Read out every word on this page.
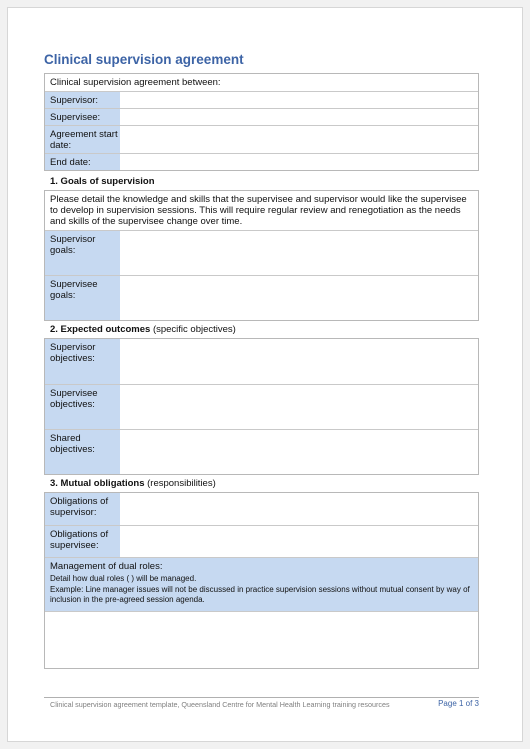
Clinical supervision agreement
Clinical supervision agreement between:
Supervisor:
Supervisee:
Agreement start date:
End date:
1. Goals of supervision
Please detail the knowledge and skills that the supervisee and supervisor would like the supervisee to develop in supervision sessions. This will require regular review and renegotiation as the needs and skills of the supervisee change over time.
Supervisor goals:
Supervisee goals:
2. Expected outcomes (specific objectives)
Supervisor objectives:
Supervisee objectives:
Shared objectives:
3. Mutual obligations (responsibilities)
Obligations of supervisor:
Obligations of supervisee:
Management of dual roles:
Detail how dual roles ( ) will be managed.
Example: Line manager issues will not be discussed in practice supervision sessions without mutual consent by way of inclusion in the pre-agreed session agenda.
Clinical supervision agreement template, Queensland Centre for Mental Health Learning training resources	Page 1 of 3
